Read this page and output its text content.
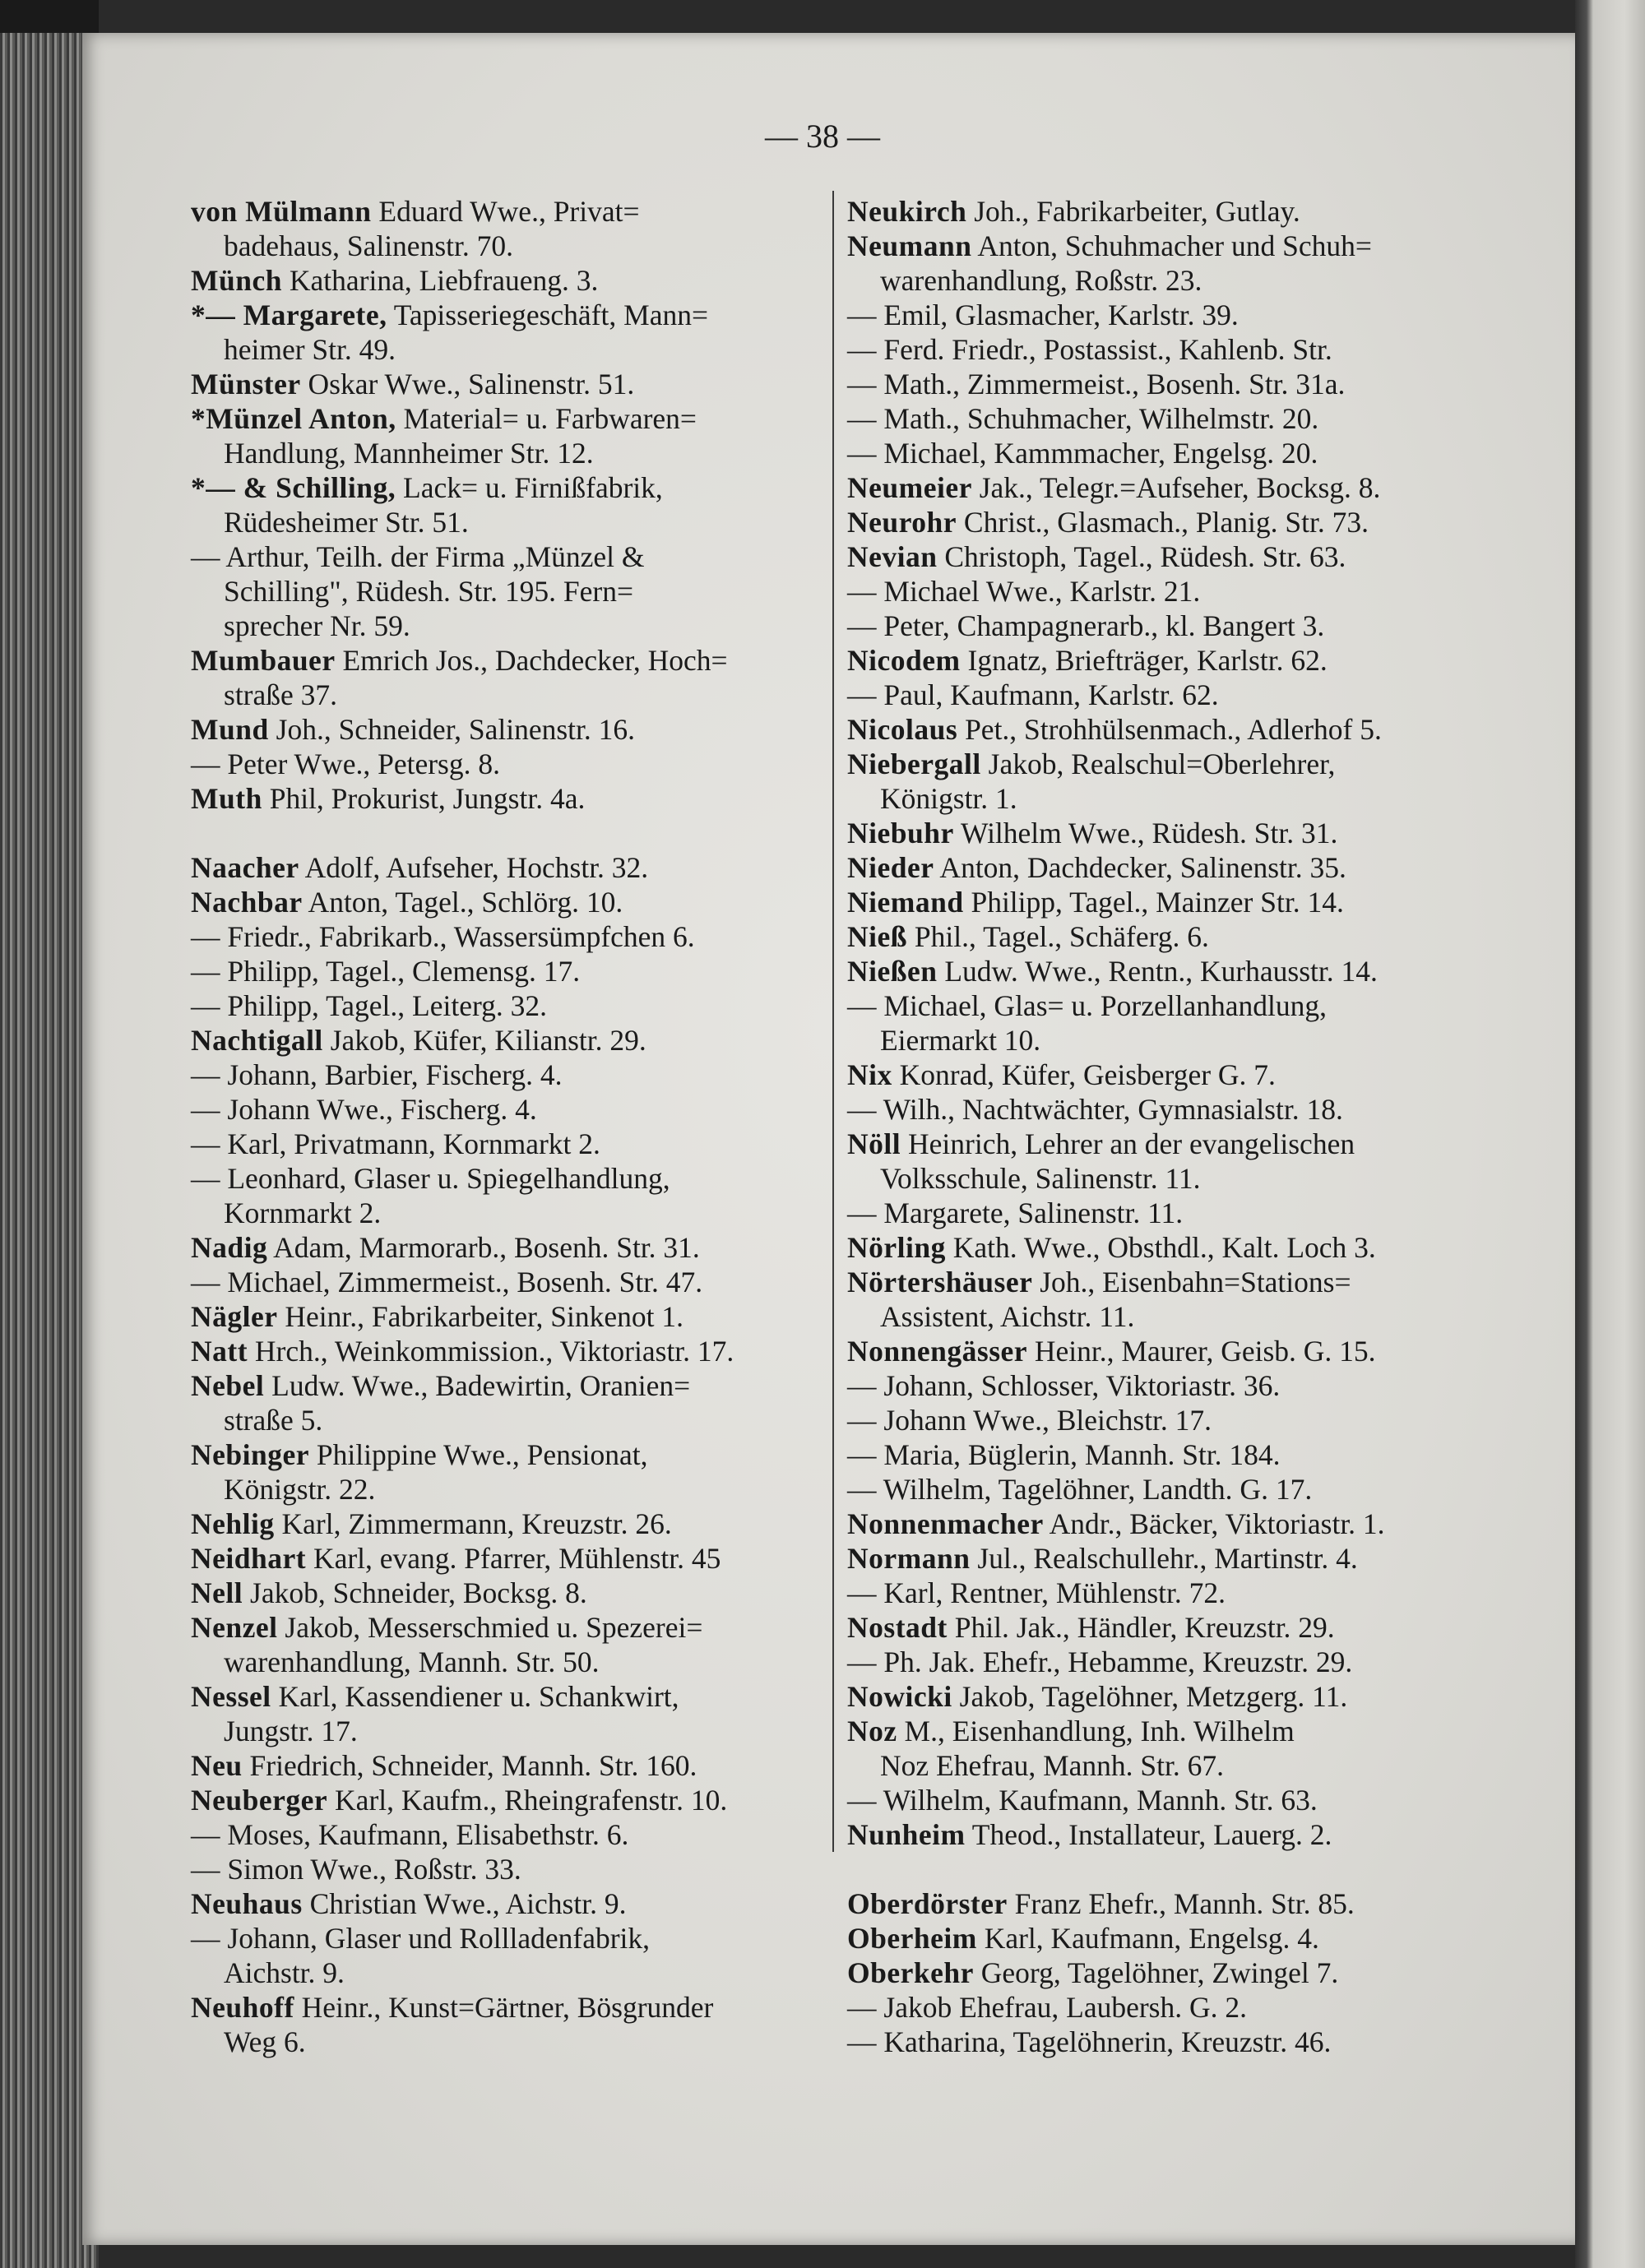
— 38 —
von Mülmann Eduard Wwe., Privat=
badehaus, Salinenstr. 70.
Münch Katharina, Liebfraueng. 3.
*— Margarete, Tapisseriegeschäft, Mann=
heimer Str. 49.
Münster Oskar Wwe., Salinenstr. 51.
*Münzel Anton, Material= u. Farbwaren=
Handlung, Mannheimer Str. 12.
*— & Schilling, Lack= u. Firnißfabrik,
Rüdesheimer Str. 51.
— Arthur, Teilh. der Firma „Münzel &
Schilling", Rüdesh. Str. 195. Fern=
sprecher Nr. 59.
Mumbauer Emrich Jos., Dachdecker, Hoch=
straße 37.
Mund Joh., Schneider, Salinenstr. 16.
— Peter Wwe., Petersg. 8.
Muth Phil, Prokurist, Jungstr. 4a.
Naacher Adolf, Aufseher, Hochstr. 32.
Nachbar Anton, Tagel., Schlörg. 10.
— Friedr., Fabrikarb., Wassersümpfchen 6.
— Philipp, Tagel., Clemensg. 17.
— Philipp, Tagel., Leiterg. 32.
Nachtigall Jakob, Küfer, Kilianstr. 29.
— Johann, Barbier, Fischerg. 4.
— Johann Wwe., Fischerg. 4.
— Karl, Privatmann, Kornmarkt 2.
— Leonhard, Glaser u. Spiegelhandlung,
Kornmarkt 2.
Nadig Adam, Marmorarb., Bosenh. Str. 31.
— Michael, Zimmermeist., Bosenh. Str. 47.
Nägler Heinr., Fabrikarbeiter, Sinkenot 1.
Natt Hrch., Weinkommission., Viktoriastr. 17.
Nebel Ludw. Wwe., Badewirtin, Oranien=
straße 5.
Nebinger Philippine Wwe., Pensionat,
Königstr. 22.
Nehlig Karl, Zimmermann, Kreuzstr. 26.
Neidhart Karl, evang. Pfarrer, Mühlenstr. 45
Nell Jakob, Schneider, Bocksg. 8.
Nenzel Jakob, Messerschmied u. Spezerei=
warenhandlung, Mannh. Str. 50.
Nessel Karl, Kassendiener u. Schankwirt,
Jungstr. 17.
Neu Friedrich, Schneider, Mannh. Str. 160.
Neuberger Karl, Kaufm., Rheingrafenstr. 10.
— Moses, Kaufmann, Elisabethstr. 6.
— Simon Wwe., Roßstr. 33.
Neuhaus Christian Wwe., Aichstr. 9.
— Johann, Glaser und Rollladenfabrik,
Aichstr. 9.
Neuhoff Heinr., Kunst=Gärtner, Bösgrunder
Weg 6.
Neukirch Joh., Fabrikarbeiter, Gutlay.
Neumann Anton, Schuhmacher und Schuh=
warenhandlung, Roßstr. 23.
— Emil, Glasmacher, Karlstr. 39.
— Ferd. Friedr., Postassist., Kahlenb. Str.
— Math., Zimmermeist., Bosenh. Str. 31a.
— Math., Schuhmacher, Wilhelmstr. 20.
— Michael, Kammmacher, Engelsg. 20.
Neumeier Jak., Telegr.=Aufseher, Bocksg. 8.
Neurohr Christ., Glasmach., Planig. Str. 73.
Nevian Christoph, Tagel., Rüdesh. Str. 63.
— Michael Wwe., Karlstr. 21.
— Peter, Champagnerarb., kl. Bangert 3.
Nicodem Ignatz, Briefträger, Karlstr. 62.
— Paul, Kaufmann, Karlstr. 62.
Nicolaus Pet., Strohhülsenmach., Adlerhof 5.
Niebergall Jakob, Realschul=Oberlehrer,
Königstr. 1.
Niebuhr Wilhelm Wwe., Rüdesh. Str. 31.
Nieder Anton, Dachdecker, Salinenstr. 35.
Niemand Philipp, Tagel., Mainzer Str. 14.
Nieß Phil., Tagel., Schäferg. 6.
Nießen Ludw. Wwe., Rentn., Kurhausstr. 14.
— Michael, Glas= u. Porzellanhandlung,
Eiermarkt 10.
Nix Konrad, Küfer, Geisberger G. 7.
— Wilh., Nachtwächter, Gymnasialstr. 18.
Nöll Heinrich, Lehrer an der evangelischen
Volksschule, Salinenstr. 11.
— Margarete, Salinenstr. 11.
Nörling Kath. Wwe., Obsthdl., Kalt. Loch 3.
Nörtershäuser Joh., Eisenbahn=Stations=
Assistent, Aichstr. 11.
Nonnengässer Heinr., Maurer, Geisb. G. 15.
— Johann, Schlosser, Viktoriastr. 36.
— Johann Wwe., Bleichstr. 17.
— Maria, Büglerin, Mannh. Str. 184.
— Wilhelm, Tagelöhner, Landth. G. 17.
Nonnenmacher Andr., Bäcker, Viktoriastr. 1.
Normann Jul., Realschullehr., Martinstr. 4.
— Karl, Rentner, Mühlenstr. 72.
Nostadt Phil. Jak., Händler, Kreuzstr. 29.
— Ph. Jak. Ehefr., Hebamme, Kreuzstr. 29.
Nowicki Jakob, Tagelöhner, Metzgerg. 11.
Noz M., Eisenhandlung, Inh. Wilhelm
Noz Ehefrau, Mannh. Str. 67.
— Wilhelm, Kaufmann, Mannh. Str. 63.
Nunheim Theod., Installateur, Lauerg. 2.
Oberdörster Franz Ehefr., Mannh. Str. 85.
Oberheim Karl, Kaufmann, Engelsg. 4.
Oberkehr Georg, Tagelöhner, Zwingel 7.
— Jakob Ehefrau, Laubersh. G. 2.
— Katharina, Tagelöhnerin, Kreuzstr. 46.
